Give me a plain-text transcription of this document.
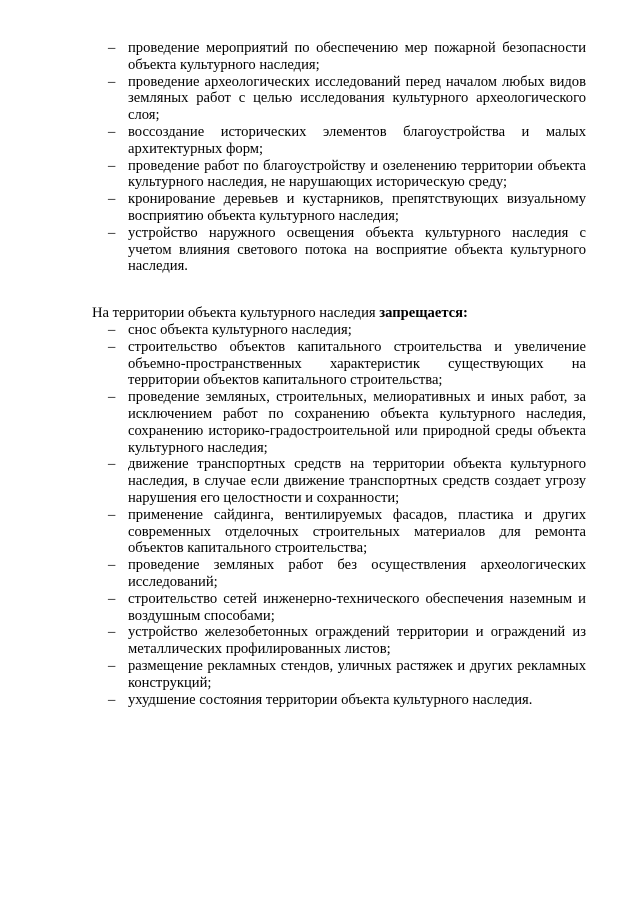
– проведение мероприятий по обеспечению мер пожарной безопасности объекта культурного наследия;
– проведение археологических исследований перед началом любых видов земляных работ с целью исследования культурного археологического слоя;
– воссоздание исторических элементов благоустройства и малых архитектурных форм;
– проведение работ по благоустройству и озеленению территории объекта культурного наследия, не нарушающих историческую среду;
– кронирование деревьев и кустарников, препятствующих визуальному восприятию объекта культурного наследия;
– устройство наружного освещения объекта культурного наследия с учетом влияния светового потока на восприятие объекта культурного наследия.

На территории объекта культурного наследия запрещается:

– снос объекта культурного наследия;
– строительство объектов капитального строительства и увеличение объемно-пространственных характеристик существующих на территории объектов капитального строительства;
– проведение земляных, строительных, мелиоративных и иных работ, за исключением работ по сохранению объекта культурного наследия, сохранению историко-градостроительной или природной среды объекта культурного наследия;
– движение транспортных средств на территории объекта культурного наследия, в случае если движение транспортных средств создает угрозу нарушения его целостности и сохранности;
– применение сайдинга, вентилируемых фасадов, пластика и других современных отделочных строительных материалов для ремонта объектов капитального строительства;
– проведение земляных работ без осуществления археологических исследований;
– строительство сетей инженерно-технического обеспечения наземным и воздушным способами;
– устройство железобетонных ограждений территории и ограждений из металлических профилированных листов;
– размещение рекламных стендов, уличных растяжек и других рекламных конструкций;
– ухудшение состояния территории объекта культурного наследия.
